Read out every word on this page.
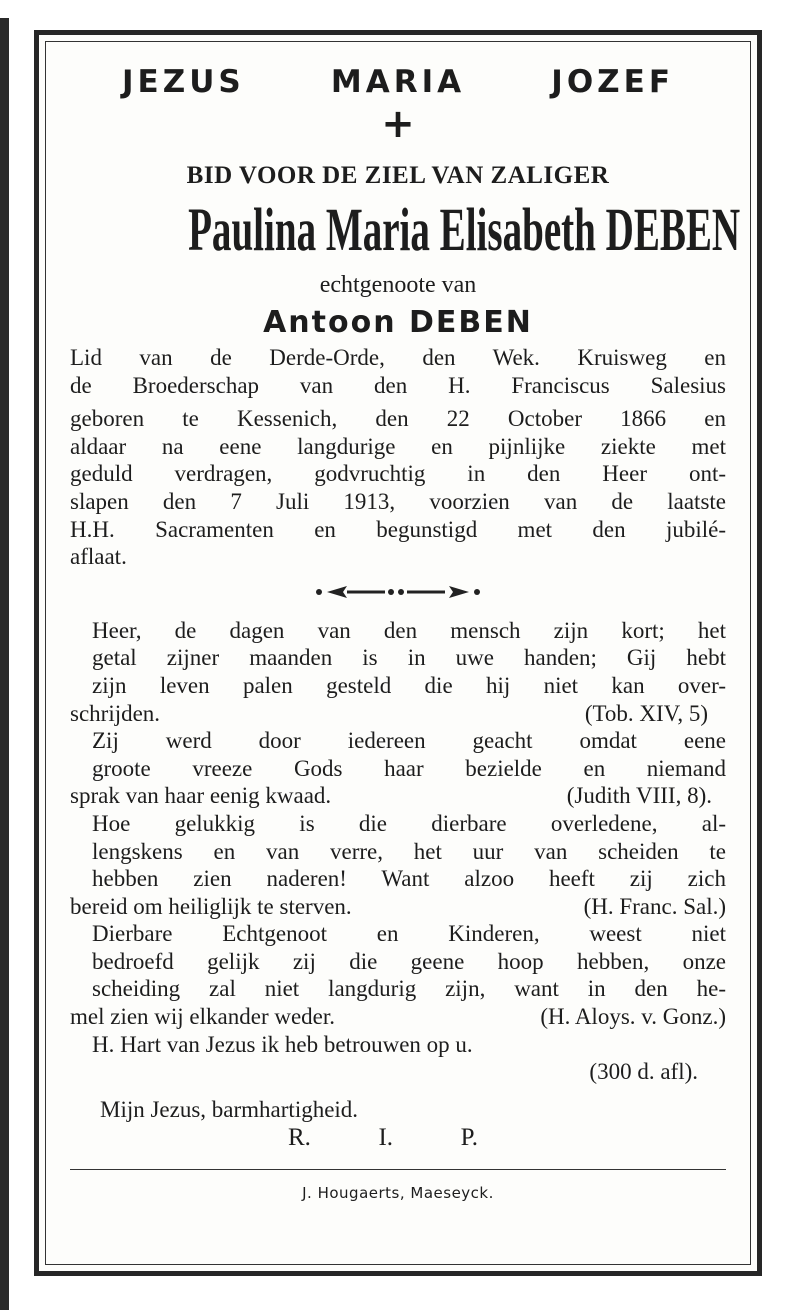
JEZUS	MARIA	JOZEF
+
BID VOOR DE ZIEL VAN ZALIGER
Paulina Maria Elisabeth DEBEN
echtgenoote van
Antoon DEBEN
Lid van de Derde-Orde, den Wek. Kruisweg en
de Broederschap van den H. Franciscus Salesius
geboren te Kessenich, den 22 October 1866 en
aldaar na eene langdurige en pijnlijke ziekte met
geduld verdragen, godvruchtig in den Heer ont-
slapen den 7 Juli 1913, voorzien van de laatste
H.H. Sacramenten en begunstigd met den jubilé-
aflaat.
Heer, de dagen van den mensch zijn kort; het
getal zijner maanden is in uwe handen; Gij hebt
zijn leven palen gesteld die hij niet kan over-
schrijden.	(Tob. XIV, 5)
Zij werd door iedereen geacht omdat eene
groote vreeze Gods haar bezielde en niemand
sprak van haar eenig kwaad.	(Judith VIII, 8).
Hoe gelukkig is die dierbare overledene, al-
lengskens en van verre, het uur van scheiden te
hebben zien naderen! Want alzoo heeft zij zich
bereid om heiliglijk te sterven.	(H. Franc. Sal.)
Dierbare Echtgenoot en Kinderen, weest niet
bedroefd gelijk zij die geene hoop hebben, onze
scheiding zal niet langdurig zijn, want in den he-
mel zien wij elkander weder.	(H. Aloys. v. Gonz.)
H. Hart van Jezus ik heb betrouwen op u.
(300 d. afl).
Mijn Jezus, barmhartigheid.
R.	I.	P.
J. Hougaerts, Maeseyck.
